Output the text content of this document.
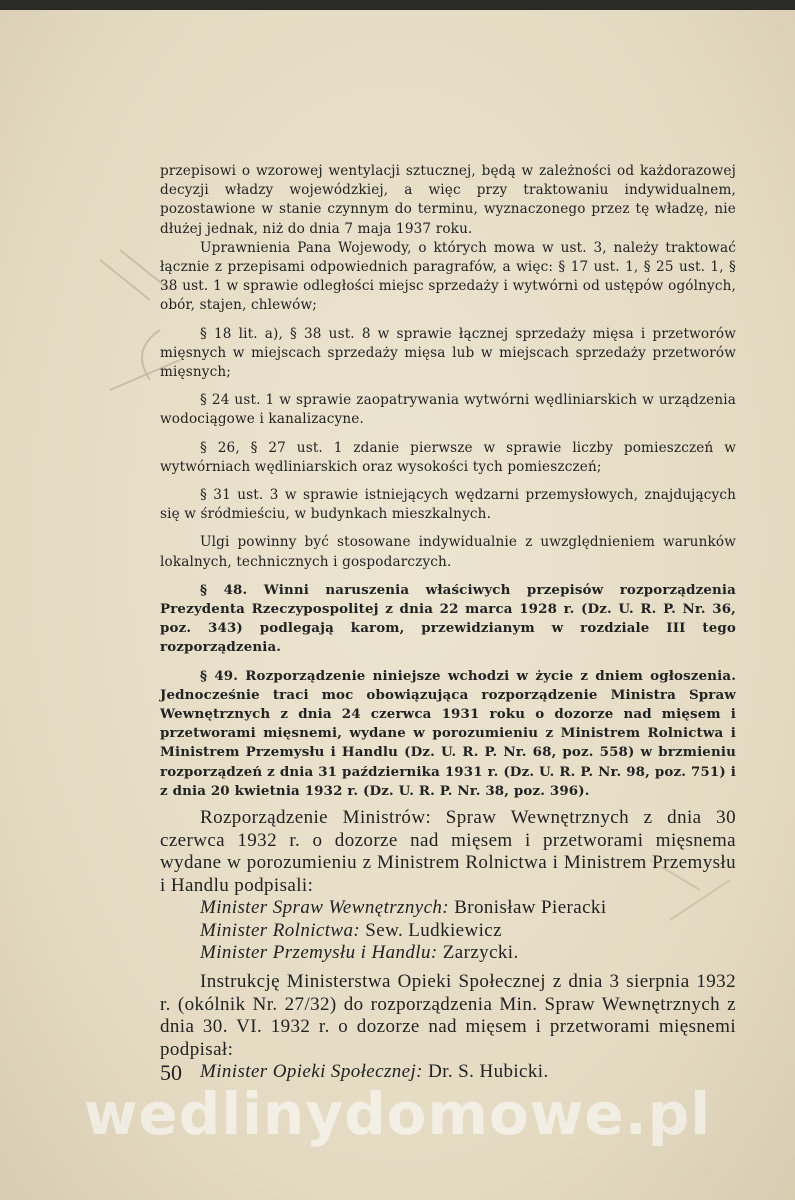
przepisowi o wzorowej wentylacji sztucznej, będą w zależności od każdorazowej decyzji władzy wojewódzkiej, a więc przy traktowaniu indywidualnem, pozostawione w stanie czynnym do terminu, wyznaczonego przez tę władzę, nie dłużej jednak, niż do dnia 7 maja 1937 roku.

Uprawnienia Pana Wojewody, o których mowa w ust. 3, należy traktować łącznie z przepisami odpowiednich paragrafów, a więc: § 17 ust. 1, § 25 ust. 1, § 38 ust. 1 w sprawie odległości miejsc sprzedaży i wytwórni od ustępów ogólnych, obór, stajen, chlewów;

§ 18 lit. a), § 38 ust. 8 w sprawie łącznej sprzedaży mięsa i przetworów mięsnych w miejscach sprzedaży mięsa lub w miejscach sprzedaży przetworów mięsnych;

§ 24 ust. 1 w sprawie zaopatrywania wytwórni wędliniarskich w urządzenia wodociągowe i kanalizacyne.

§ 26, § 27 ust. 1 zdanie pierwsze w sprawie liczby pomieszczeń w wytwórniach wędliniarskich oraz wysokości tych pomieszczeń;

§ 31 ust. 3 w sprawie istniejących wędzarni przemysłowych, znajdujących się w śródmieściu, w budynkach mieszkalnych.

Ulgi powinny być stosowane indywidualnie z uwzględnieniem warunków lokalnych, technicznych i gospodarczych.

§ 48. Winni naruszenia właściwych przepisów rozporządzenia Prezydenta Rzeczypospolitej z dnia 22 marca 1928 r. (Dz. U. R. P. Nr. 36, poz. 343) podlegają karom, przewidzianym w rozdziale III tego rozporządzenia.

§ 49. Rozporządzenie niniejsze wchodzi w życie z dniem ogłoszenia. Jednocześnie traci moc obowiązująca rozporządzenie Ministra Spraw Wewnętrznych z dnia 24 czerwca 1931 roku o dozorze nad mięsem i przetworami mięsnemi, wydane w porozumieniu z Ministrem Rolnictwa i Ministrem Przemysłu i Handlu (Dz. U. R. P. Nr. 68, poz. 558) w brzmieniu rozporządzeń z dnia 31 października 1931 r. (Dz. U. R. P. Nr. 98, poz. 751) i z dnia 20 kwietnia 1932 r. (Dz. U. R. P. Nr. 38, poz. 396).

Rozporządzenie Ministrów: Spraw Wewnętrznych z dnia 30 czerwca 1932 r. o dozorze nad mięsem i przetworami mięsnema wydane w porozumieniu z Ministrem Rolnictwa i Ministrem Przemysłu i Handlu podpisali:

Minister Spraw Wewnętrznych: Bronisław Pieracki

Minister Rolnictwa: Sew. Ludkiewicz

Minister Przemysłu i Handlu: Zarzycki.

Instrukcję Ministerstwa Opieki Społecznej z dnia 3 sierpnia 1932 r. (okólnik Nr. 27/32) do rozporządzenia Min. Spraw Wewnętrznych z dnia 30. VI. 1932 r. o dozorze nad mięsem i przetworami mięsnemi podpisał:

Minister Opieki Społecznej: Dr. S. Hubicki.

50
wedlinydomowe.pl
